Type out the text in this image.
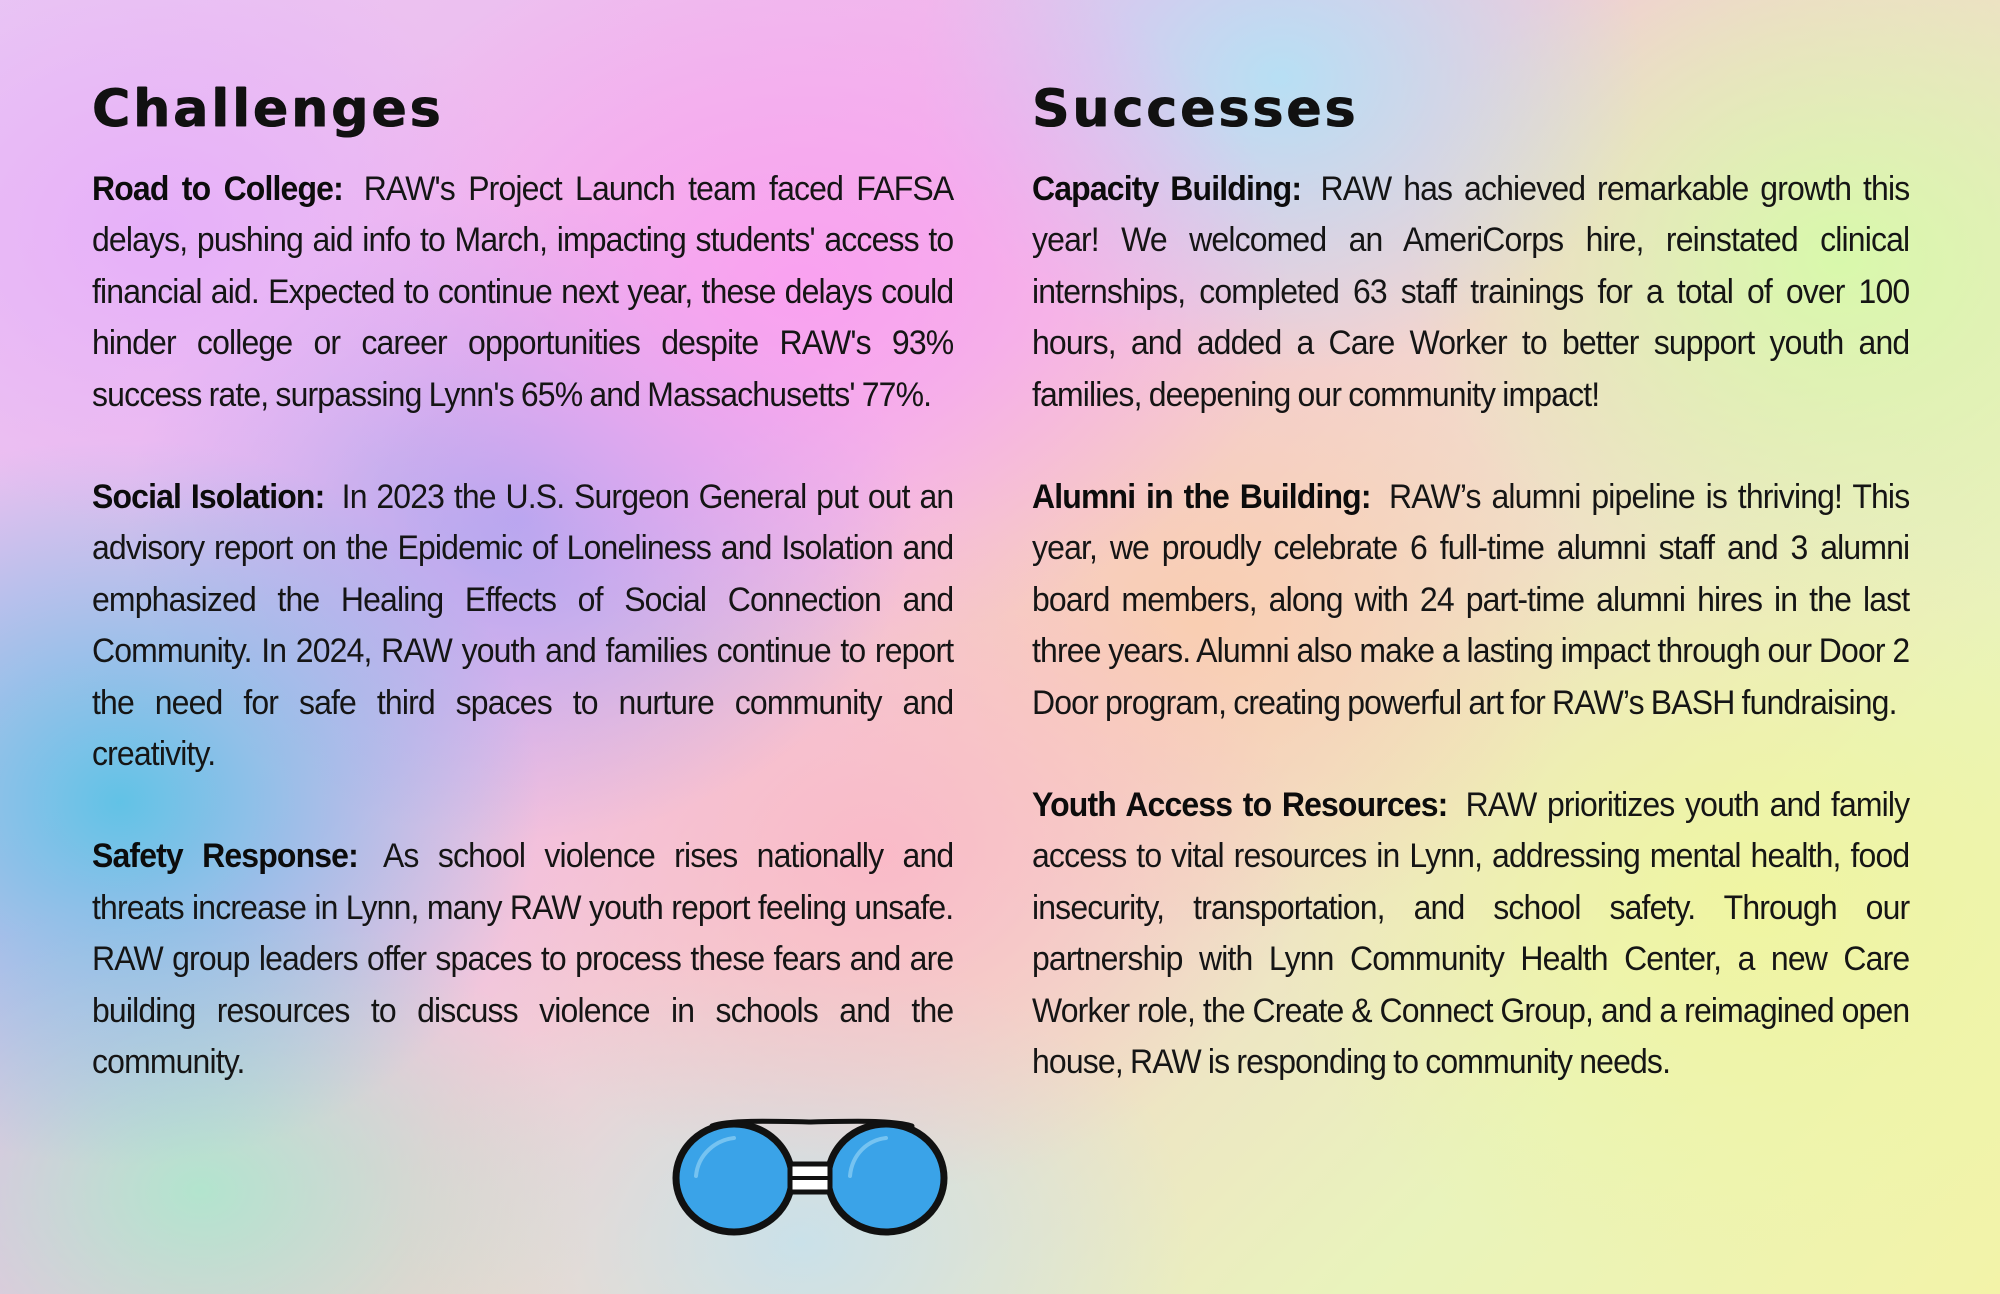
Challenges

Road to College: RAW's Project Launch team faced FAFSA delays, pushing aid info to March, impacting students' access to financial aid. Expected to continue next year, these delays could hinder college or career opportunities despite RAW's 93% success rate, surpassing Lynn's 65% and Massachusetts' 77%.

Social Isolation: In 2023 the U.S. Surgeon General put out an advisory report on the Epidemic of Loneliness and Isolation and emphasized the Healing Effects of Social Connection and Community. In 2024, RAW youth and families continue to report the need for safe third spaces to nurture community and creativity.

Safety Response: As school violence rises nationally and threats increase in Lynn, many RAW youth report feeling unsafe. RAW group leaders offer spaces to process these fears and are building resources to discuss violence in schools and the community.

Successes

Capacity Building: RAW has achieved remarkable growth this year! We welcomed an AmeriCorps hire, reinstated clinical internships, completed 63 staff trainings for a total of over 100 hours, and added a Care Worker to better support youth and families, deepening our community impact!

Alumni in the Building: RAW’s alumni pipeline is thriving! This year, we proudly celebrate 6 full-time alumni staff and 3 alumni board members, along with 24 part-time alumni hires in the last three years. Alumni also make a lasting impact through our Door 2 Door program, creating powerful art for RAW’s BASH fundraising.

Youth Access to Resources: RAW prioritizes youth and family access to vital resources in Lynn, addressing mental health, food insecurity, transportation, and school safety. Through our partnership with Lynn Community Health Center, a new Care Worker role, the Create & Connect Group, and a reimagined open house, RAW is responding to community needs.
